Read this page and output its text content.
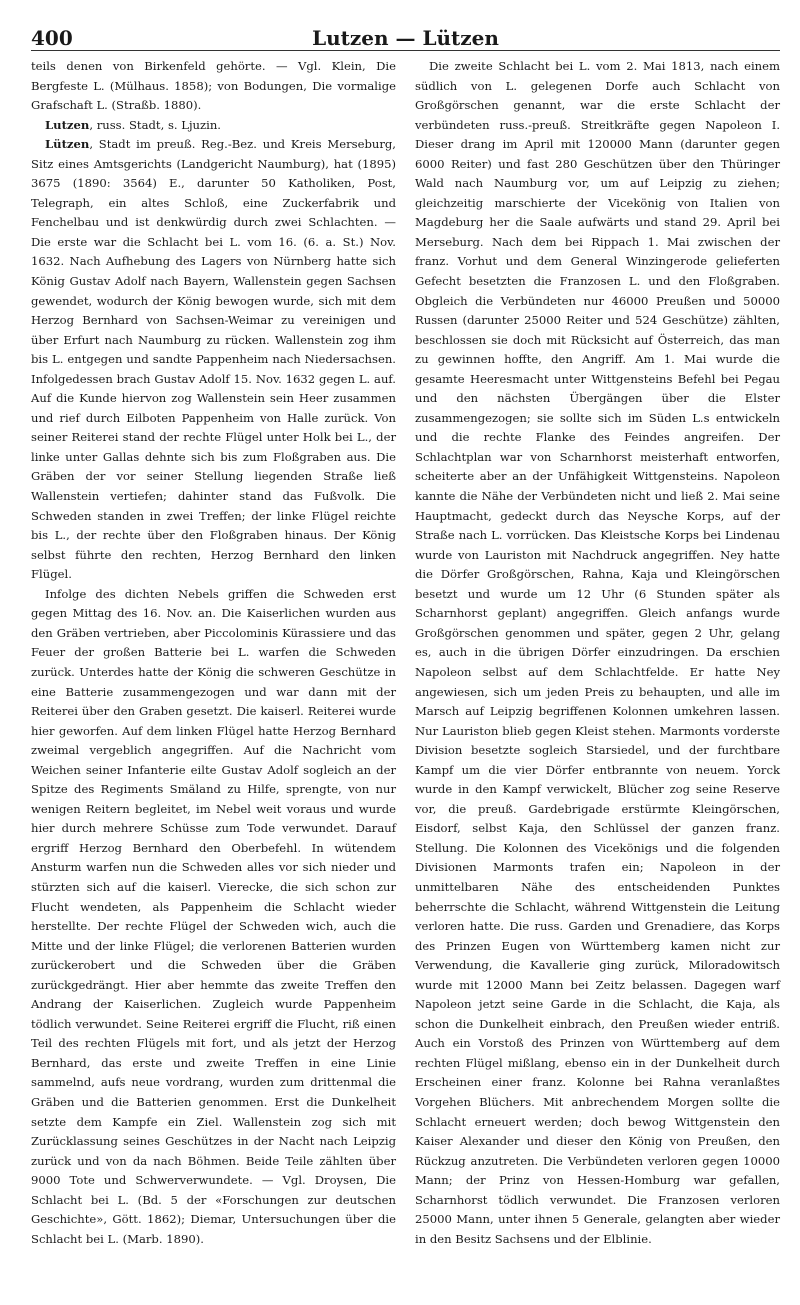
400	Lutzen — Lützen

teils denen von Birkenfeld gehörte. — Vgl. Klein, Die Bergfeste L. (Mülhaus. 1858); von Bodungen, Die vormalige Grafschaft L. (Straßb. 1880).

Lutzen, russ. Stadt, s. Ljuzin.

Lützen, Stadt im preuß. Reg.-Bez. und Kreis Merseburg, Sitz eines Amtsgerichts (Landgericht Naumburg), hat (1895) 3675 (1890: 3564) E., darunter 50 Katholiken, Post, Telegraph, ein altes Schloß, eine Zuckerfabrik und Fenchelbau und ist denkwürdig durch zwei Schlachten. — Die erste war die Schlacht bei L. vom 16. (6. a. St.) Nov. 1632. Nach Aufhebung des Lagers von Nürnberg hatte sich König Gustav Adolf nach Bayern, Wallenstein gegen Sachsen gewendet, wodurch der König bewogen wurde, sich mit dem Herzog Bernhard von Sachsen-Weimar zu vereinigen und über Erfurt nach Naumburg zu rücken. Wallenstein zog ihm bis L. entgegen und sandte Pappenheim nach Niedersachsen. Infolgedessen brach Gustav Adolf 15. Nov. 1632 gegen L. auf. Auf die Kunde hiervon zog Wallenstein sein Heer zusammen und rief durch Eilboten Pappenheim von Halle zurück. Von seiner Reiterei stand der rechte Flügel unter Holk bei L., der linke unter Gallas dehnte sich bis zum Floßgraben aus. Die Gräben der vor seiner Stellung liegenden Straße ließ Wallenstein vertiefen; dahinter stand das Fußvolk. Die Schweden standen in zwei Treffen; der linke Flügel reichte bis L., der rechte über den Floßgraben hinaus. Der König selbst führte den rechten, Herzog Bernhard den linken Flügel.

Infolge des dichten Nebels griffen die Schweden erst gegen Mittag des 16. Nov. an. Die Kaiserlichen wurden aus den Gräben vertrieben, aber Piccolominis Kürassiere und das Feuer der großen Batterie bei L. warfen die Schweden zurück. Unterdes hatte der König die schweren Geschütze in eine Batterie zusammengezogen und war dann mit der Reiterei über den Graben gesetzt. Die kaiserl. Reiterei wurde hier geworfen. Auf dem linken Flügel hatte Herzog Bernhard zweimal vergeblich angegriffen. Auf die Nachricht vom Weichen seiner Infanterie eilte Gustav Adolf sogleich an der Spitze des Regiments Smäland zu Hilfe, sprengte, von nur wenigen Reitern begleitet, im Nebel weit voraus und wurde hier durch mehrere Schüsse zum Tode verwundet. Darauf ergriff Herzog Bernhard den Oberbefehl. In wütendem Ansturm warfen nun die Schweden alles vor sich nieder und stürzten sich auf die kaiserl. Vierecke, die sich schon zur Flucht wendeten, als Pappenheim die Schlacht wieder herstellte. Der rechte Flügel der Schweden wich, auch die Mitte und der linke Flügel; die verlorenen Batterien wurden zurückerobert und die Schweden über die Gräben zurückgedrängt. Hier aber hemmte das zweite Treffen den Andrang der Kaiserlichen. Zugleich wurde Pappenheim tödlich verwundet. Seine Reiterei ergriff die Flucht, riß einen Teil des rechten Flügels mit fort, und als jetzt der Herzog Bernhard, das erste und zweite Treffen in eine Linie sammelnd, aufs neue vordrang, wurden zum drittenmal die Gräben und die Batterien genommen. Erst die Dunkelheit setzte dem Kampfe ein Ziel. Wallenstein zog sich mit Zurücklassung seines Geschützes in der Nacht nach Leipzig zurück und von da nach Böhmen. Beide Teile zählten über 9000 Tote und Schwerverwundete. — Vgl. Droysen, Die Schlacht bei L. (Bd. 5 der «Forschungen zur deutschen Geschichte», Gött. 1862); Diemar, Untersuchungen über die Schlacht bei L. (Marb. 1890).

Die zweite Schlacht bei L. vom 2. Mai 1813, nach einem südlich von L. gelegenen Dorfe auch Schlacht von Großgörschen genannt, war die erste Schlacht der verbündeten russ.-preuß. Streitkräfte gegen Napoleon I. Dieser drang im April mit 120000 Mann (darunter gegen 6000 Reiter) und fast 280 Geschützen über den Thüringer Wald nach Naumburg vor, um auf Leipzig zu ziehen; gleichzeitig marschierte der Vicekönig von Italien von Magdeburg her die Saale aufwärts und stand 29. April bei Merseburg. Nach dem bei Rippach 1. Mai zwischen der franz. Vorhut und dem General Winzingerode gelieferten Gefecht besetzten die Franzosen L. und den Floßgraben. Obgleich die Verbündeten nur 46000 Preußen und 50000 Russen (darunter 25000 Reiter und 524 Geschütze) zählten, beschlossen sie doch mit Rücksicht auf Österreich, das man zu gewinnen hoffte, den Angriff. Am 1. Mai wurde die gesamte Heeresmacht unter Wittgensteins Befehl bei Pegau und den nächsten Übergängen über die Elster zusammengezogen; sie sollte sich im Süden L.s entwickeln und die rechte Flanke des Feindes angreifen. Der Schlachtplan war von Scharnhorst meisterhaft entworfen, scheiterte aber an der Unfähigkeit Wittgensteins. Napoleon kannte die Nähe der Verbündeten nicht und ließ 2. Mai seine Hauptmacht, gedeckt durch das Neysche Korps, auf der Straße nach L. vorrücken. Das Kleistsche Korps bei Lindenau wurde von Lauriston mit Nachdruck angegriffen. Ney hatte die Dörfer Großgörschen, Rahna, Kaja und Kleingörschen besetzt und wurde um 12 Uhr (6 Stunden später als Scharnhorst geplant) angegriffen. Gleich anfangs wurde Großgörschen genommen und später, gegen 2 Uhr, gelang es, auch in die übrigen Dörfer einzudringen. Da erschien Napoleon selbst auf dem Schlachtfelde. Er hatte Ney angewiesen, sich um jeden Preis zu behaupten, und alle im Marsch auf Leipzig begriffenen Kolonnen umkehren lassen. Nur Lauriston blieb gegen Kleist stehen. Marmonts vorderste Division besetzte sogleich Starsiedel, und der furchtbare Kampf um die vier Dörfer entbrannte von neuem. Yorck wurde in den Kampf verwickelt, Blücher zog seine Reserve vor, die preuß. Gardebrigade erstürmte Kleingörschen, Eisdorf, selbst Kaja, den Schlüssel der ganzen franz. Stellung. Die Kolonnen des Vicekönigs und die folgenden Divisionen Marmonts trafen ein; Napoleon in der unmittelbaren Nähe des entscheidenden Punktes beherrschte die Schlacht, während Wittgenstein die Leitung verloren hatte. Die russ. Garden und Grenadiere, das Korps des Prinzen Eugen von Württemberg kamen nicht zur Verwendung, die Kavallerie ging zurück, Miloradowitsch wurde mit 12000 Mann bei Zeitz belassen. Dagegen warf Napoleon jetzt seine Garde in die Schlacht, die Kaja, als schon die Dunkelheit einbrach, den Preußen wieder entriß. Auch ein Vorstoß des Prinzen von Württemberg auf dem rechten Flügel mißlang, ebenso ein in der Dunkelheit durch Erscheinen einer franz. Kolonne bei Rahna veranlaßtes Vorgehen Blüchers. Mit anbrechendem Morgen sollte die Schlacht erneuert werden; doch bewog Wittgenstein den Kaiser Alexander und dieser den König von Preußen, den Rückzug anzutreten. Die Verbündeten verloren gegen 10000 Mann; der Prinz von Hessen-Homburg war gefallen, Scharnhorst tödlich verwundet. Die Franzosen verloren 25000 Mann, unter ihnen 5 Generale, gelangten aber wieder in den Besitz Sachsens und der Elblinie.
